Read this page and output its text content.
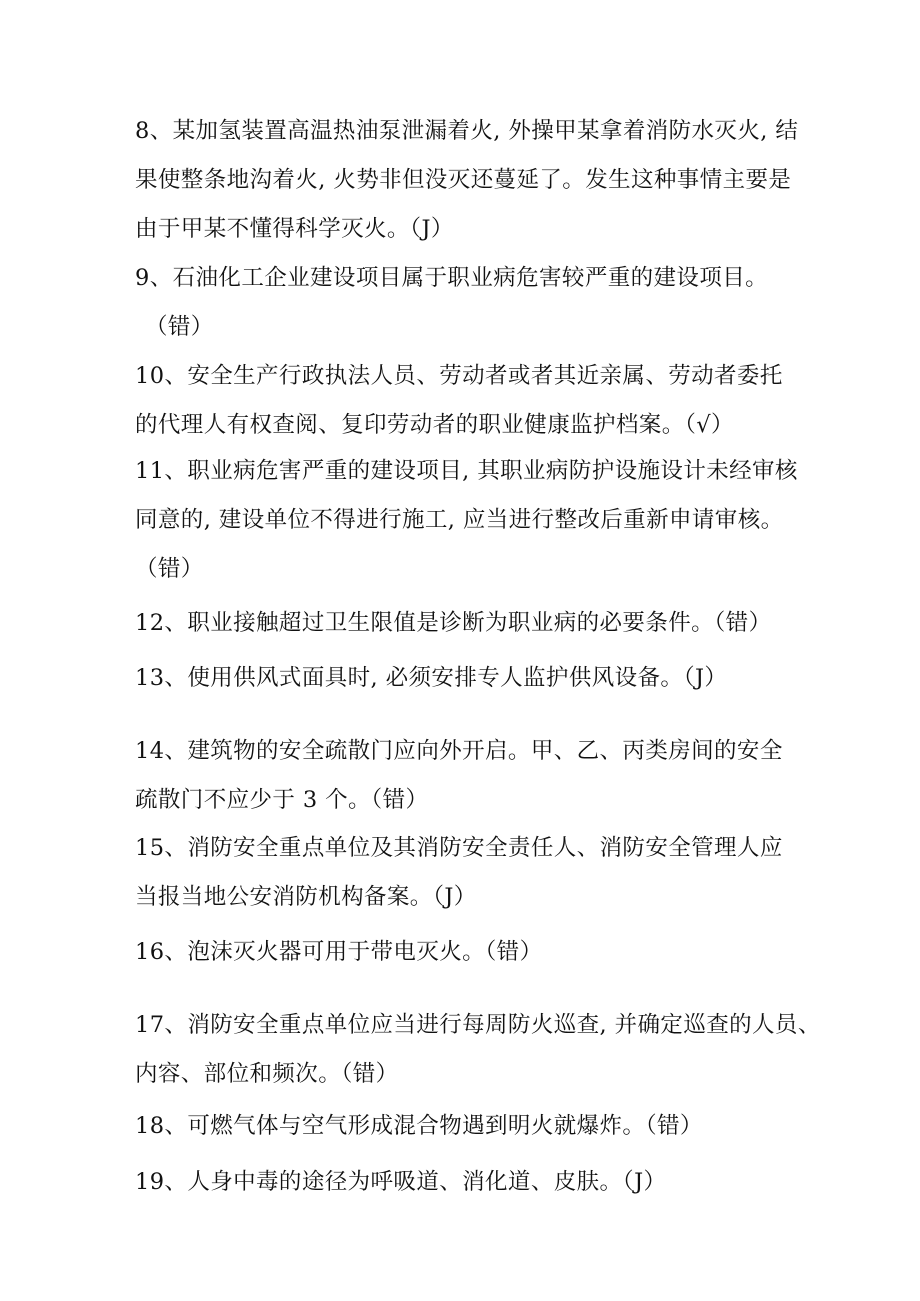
8、某加氢装置高温热油泵泄漏着火, 外操甲某拿着消防水灭火, 结
果使整条地沟着火, 火势非但没灭还蔓延了。发生这种事情主要是
由于甲某不懂得科学灭火。（J）
9、石油化工企业建设项目属于职业病危害较严重的建设项目。
（错）
10、安全生产行政执法人员、劳动者或者其近亲属、劳动者委托
的代理人有权查阅、复印劳动者的职业健康监护档案。（√）
11、职业病危害严重的建设项目, 其职业病防护设施设计未经审核
同意的, 建设单位不得进行施工, 应当进行整改后重新申请审核。
（错）
12、职业接触超过卫生限值是诊断为职业病的必要条件。（错）
13、使用供风式面具时, 必须安排专人监护供风设备。（J）
14、建筑物的安全疏散门应向外开启。甲、乙、丙类房间的安全
疏散门不应少于 3 个。（错）
15、消防安全重点单位及其消防安全责任人、消防安全管理人应
当报当地公安消防机构备案。（J）
16、泡沫灭火器可用于带电灭火。（错）
17、消防安全重点单位应当进行每周防火巡查, 并确定巡查的人员、
内容、部位和频次。（错）
18、可燃气体与空气形成混合物遇到明火就爆炸。（错）
19、人身中毒的途径为呼吸道、消化道、皮肤。（J）
